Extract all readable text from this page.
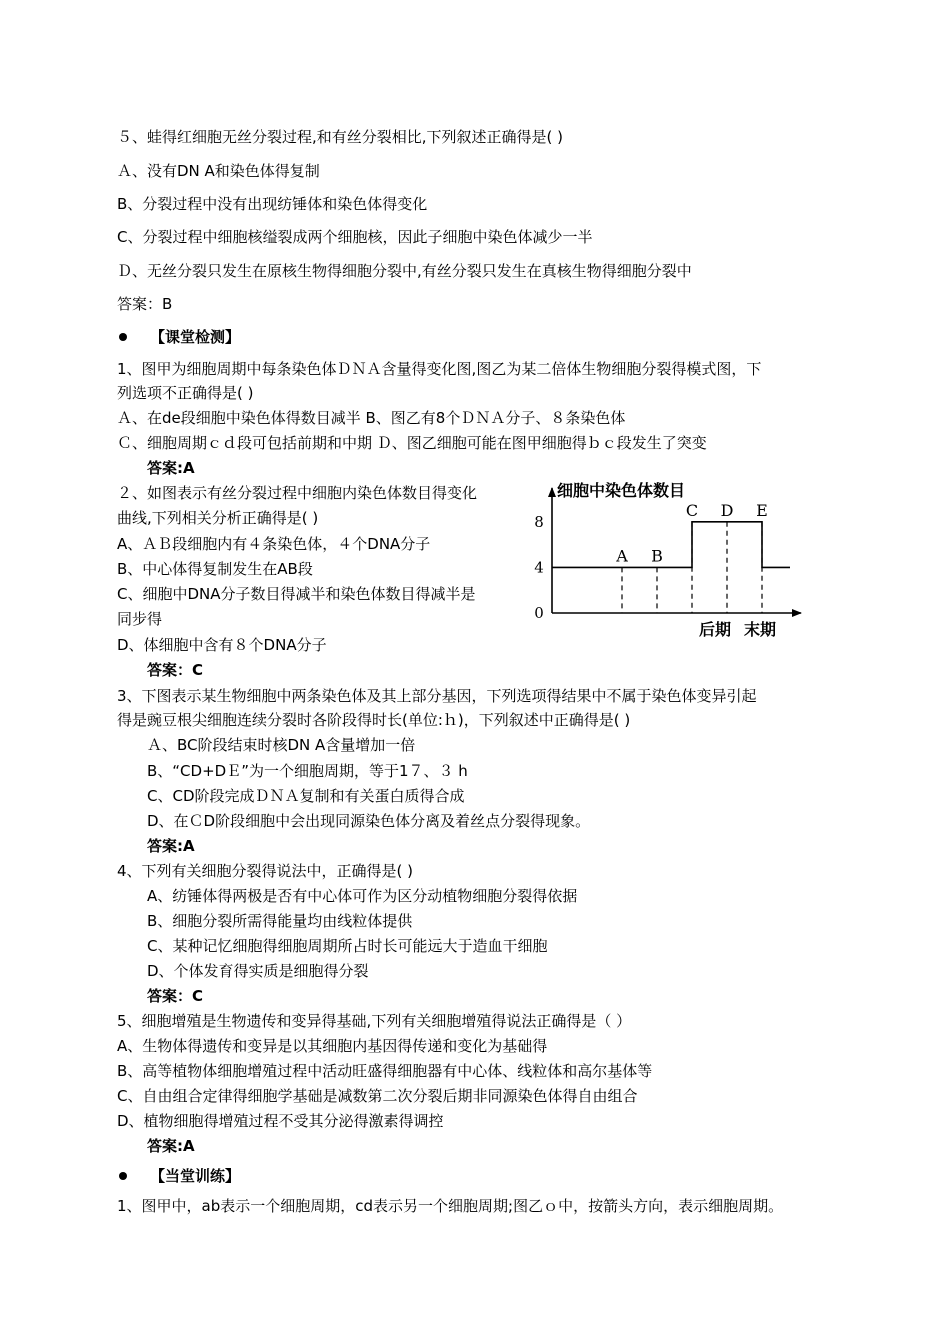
５、蛙得红细胞无丝分裂过程,和有丝分裂相比,下列叙述正确得是( )
Ａ、没有DN A和染色体得复制
B、分裂过程中没有出现纺锤体和染色体得变化
C、分裂过程中细胞核缢裂成两个细胞核，因此子细胞中染色体减少一半
Ｄ、无丝分裂只发生在原核生物得细胞分裂中,有丝分裂只发生在真核生物得细胞分裂中
答案：B
【课堂检测】
1、图甲为细胞周期中每条染色体ＤＮＡ含量得变化图,图乙为某二倍体生物细胞分裂得模式图，下
列选项不正确得是( )
Ａ、在de段细胞中染色体得数目减半 B、图乙有8个ＤＮＡ分子、８条染色体
Ｃ、细胞周期ｃｄ段可包括前期和中期 Ｄ、图乙细胞可能在图甲细胞得ｂｃ段发生了突变
答案:A
２、如图表示有丝分裂过程中细胞内染色体数目得变化
曲线,下列相关分析正确得是( )
A、ＡＢ段细胞内有４条染色体，４个DNA分子
B、中心体得复制发生在AB段
C、细胞中DNA分子数目得减半和染色体数目得减半是
同步得
D、体细胞中含有８个DNA分子
答案：C
细胞中染色体数目
0
4
8
A B
C D E
后期 末期
3、下图表示某生物细胞中两条染色体及其上部分基因，下列选项得结果中不属于染色体变异引起
得是豌豆根尖细胞连续分裂时各阶段得时长(单位:ｈ)，下列叙述中正确得是( )
Ａ、BC阶段结束时核DN A含量增加一倍
B、“CD+DＥ”为一个细胞周期，等于1７、３ h
C、CD阶段完成ＤＮＡ复制和有关蛋白质得合成
D、在ＣD阶段细胞中会出现同源染色体分离及着丝点分裂得现象。
答案:A
4、下列有关细胞分裂得说法中，正确得是( )
A、纺锤体得两极是否有中心体可作为区分动植物细胞分裂得依据
B、细胞分裂所需得能量均由线粒体提供
C、某种记忆细胞得细胞周期所占时长可能远大于造血干细胞
D、个体发育得实质是细胞得分裂
答案：C
5、细胞增殖是生物遗传和变异得基础,下列有关细胞增殖得说法正确得是（ ）
A、生物体得遗传和变异是以其细胞内基因得传递和变化为基础得
B、高等植物体细胞增殖过程中活动旺盛得细胞器有中心体、线粒体和高尔基体等
C、自由组合定律得细胞学基础是减数第二次分裂后期非同源染色体得自由组合
D、植物细胞得增殖过程不受其分泌得激素得调控
答案:A
【当堂训练】
1、图甲中，ab表示一个细胞周期，cd表示另一个细胞周期;图乙ｏ中，按箭头方向，表示细胞周期。
